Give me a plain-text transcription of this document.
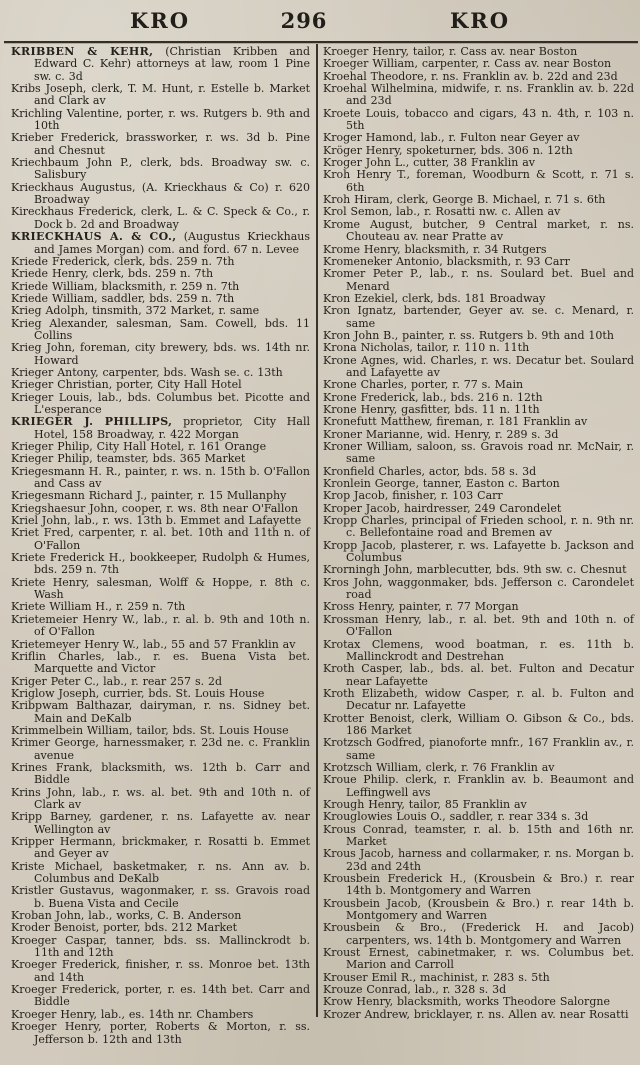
KRO	296	KRO
KRIBBEN & KEHR, (Christian Kribben and Edward C. Kehr) attorneys at law, room 1 Pine sw. c. 3d
Kribs Joseph, clerk, T. M. Hunt, r. Estelle b. Market and Clark av
Krichling Valentine, porter, r. ws. Rutgers b. 9th and 10th
Krieber Frederick, brassworker, r. ws. 3d b. Pine and Chesnut
Kriechbaum John P., clerk, bds. Broadway sw. c. Salisbury
Krieckhaus Augustus, (A. Krieckhaus & Co) r. 620 Broadway
Kireckhaus Frederick, clerk, L. & C. Speck & Co., r. Dock b. 2d and Broadway
KRIECKHAUS A. & CO., (Augustus Krieckhaus and James Morgan) com. and ford. 67 n. Levee
Kriede Frederick, clerk, bds. 259 n. 7th
Kriede Henry, clerk, bds. 259 n. 7th
Kriede William, blacksmith, r. 259 n. 7th
Kriede William, saddler, bds. 259 n. 7th
Krieg Adolph, tinsmith, 372 Market, r. same
Krieg Alexander, salesman, Sam. Cowell, bds. 11 Collins
Krieg John, foreman, city brewery, bds. ws. 14th nr. Howard
Krieger Antony, carpenter, bds. Wash se. c. 13th
Krieger Christian, porter, City Hall Hotel
Krieger Louis, lab., bds. Columbus bet. Picotte and L'esperance
KRIEGER J. PHILLIPS, proprietor, City Hall Hotel, 158 Broadway, r. 422 Morgan
Krieger Philip, City Hall Hotel, r. 161 Orange
Krieger Philip, teamster, bds. 365 Market
Kriegesmann H. R., painter, r. ws. n. 15th b. O'Fallon and Cass av
Kriegesmann Richard J., painter, r. 15 Mullanphy
Kriegshaesur John, cooper, r. ws. 8th near O'Fallon
Kriel John, lab., r. ws. 13th b. Emmet and Lafayette
Kriet Fred, carpenter, r. al. bet. 10th and 11th n. of O'Fallon
Kriete Frederick H., bookkeeper, Rudolph & Humes, bds. 259 n. 7th
Kriete Henry, salesman, Wolff & Hoppe, r. 8th c. Wash
Kriete William H., r. 259 n. 7th
Krietemeier Henry W., lab., r. al. b. 9th and 10th n. of O'Fallon
Krietemeyer Henry W., lab., 55 and 57 Franklin av
Kriflin Charles, lab., r. es. Buena Vista bet. Marquette and Victor
Kriger Peter C., lab., r. rear 257 s. 2d
Kriglow Joseph, currier, bds. St. Louis House
Kribpwam Balthazar, dairyman, r. ns. Sidney bet. Main and DeKalb
Krimmelbein William, tailor, bds. St. Louis House
Krimer George, harnessmaker, r. 23d ne. c. Franklin avenue
Krines Frank, blacksmith, ws. 12th b. Carr and Biddle
Krins John, lab., r. ws. al. bet. 9th and 10th n. of Clark av
Kripp Barney, gardener, r. ns. Lafayette av. near Wellington av
Kripper Hermann, brickmaker, r. Rosatti b. Emmet and Geyer av
Kriste Michael, basketmaker, r. ns. Ann av. b. Columbus and DeKalb
Kristler Gustavus, wagonmaker, r. ss. Gravois road b. Buena Vista and Cecile
Kroban John, lab., works, C. B. Anderson
Kroder Benoist, porter, bds. 212 Market
Kroeger Caspar, tanner, bds. ss. Mallinckrodt b. 11th and 12th
Kroeger Frederick, finisher, r. ss. Monroe bet. 13th and 14th
Kroeger Frederick, porter, r. es. 14th bet. Carr and Biddle
Kroeger Henry, lab., es. 14th nr. Chambers
Kroeger Henry, porter, Roberts & Morton, r. ss. Jefferson b. 12th and 13th
Kroeger Henry, tailor, r. Cass av. near Boston
Kroeger William, carpenter, r. Cass av. near Boston
Kroehal Theodore, r. ns. Franklin av. b. 22d and 23d
Kroehal Wilhelmina, midwife, r. ns. Franklin av. b. 22d and 23d
Kroete Louis, tobacco and cigars, 43 n. 4th, r. 103 n. 5th
Kroger Hamond, lab., r. Fulton near Geyer av
Kröger Henry, spoketurner, bds. 306 n. 12th
Kroger John L., cutter, 38 Franklin av
Kroh Henry T., foreman, Woodburn & Scott, r. 71 s. 6th
Kroh Hiram, clerk, George B. Michael, r. 71 s. 6th
Krol Semon, lab., r. Rosatti nw. c. Allen av
Krome August, butcher, 9 Central market, r. ns. Chouteau av. near Pratte av
Krome Henry, blacksmith, r. 34 Rutgers
Kromeneker Antonio, blacksmith, r. 93 Carr
Kromer Peter P., lab., r. ns. Soulard bet. Buel and Menard
Kron Ezekiel, clerk, bds. 181 Broadway
Kron Ignatz, bartender, Geyer av. se. c. Menard, r. same
Kron John B., painter, r. ss. Rutgers b. 9th and 10th
Krona Nicholas, tailor, r. 110 n. 11th
Krone Agnes, wid. Charles, r. ws. Decatur bet. Soulard and Lafayette av
Krone Charles, porter, r. 77 s. Main
Krone Frederick, lab., bds. 216 n. 12th
Krone Henry, gasfitter, bds. 11 n. 11th
Kronefutt Matthew, fireman, r. 181 Franklin av
Kroner Marianne, wid. Henry, r. 289 s. 3d
Kroner William, saloon, ss. Gravois road nr. McNair, r. same
Kronfield Charles, actor, bds. 58 s. 3d
Kronlein George, tanner, Easton c. Barton
Krop Jacob, finisher, r. 103 Carr
Kroper Jacob, hairdresser, 249 Carondelet
Kropp Charles, principal of Frieden school, r. n. 9th nr. c. Bellefontaine road and Bremen av
Kropp Jacob, plasterer, r. ws. Lafayette b. Jackson and Columbus
Krorningh John, marblecutter, bds. 9th sw. c. Chesnut
Kros John, waggonmaker, bds. Jefferson c. Carondelet road
Kross Henry, painter, r. 77 Morgan
Krossman Henry, lab., r. al. bet. 9th and 10th n. of O'Fallon
Krotax Clemens, wood boatman, r. es. 11th b. Mallinckrodt and Destrehan
Kroth Casper, lab., bds. al. bet. Fulton and Decatur near Lafayette
Kroth Elizabeth, widow Casper, r. al. b. Fulton and Decatur nr. Lafayette
Krotter Benoist, clerk, William O. Gibson & Co., bds. 186 Market
Krotzsch Godfred, pianoforte mnfr., 167 Franklin av., r. same
Krotzsch William, clerk, r. 76 Franklin av
Kroue Philip. clerk, r. Franklin av. b. Beaumont and Leffingwell avs
Krough Henry, tailor, 85 Franklin av
Krouglowies Louis O., saddler, r. rear 334 s. 3d
Krous Conrad, teamster, r. al. b. 15th and 16th nr. Market
Krous Jacob, harness and collarmaker, r. ns. Morgan b. 23d and 24th
Krousbein Frederick H., (Krousbein & Bro.) r. rear 14th b. Montgomery and Warren
Krousbein Jacob, (Krousbein & Bro.) r. rear 14th b. Montgomery and Warren
Krousbein & Bro., (Frederick H. and Jacob) carpenters, ws. 14th b. Montgomery and Warren
Kroust Ernest, cabinetmaker, r. ws. Columbus bet. Marion and Carroll
Krouser Emil R., machinist, r. 283 s. 5th
Krouze Conrad, lab., r. 328 s. 3d
Krow Henry, blacksmith, works Theodore Salorgne
Krozer Andrew, bricklayer, r. ns. Allen av. near Rosatti
